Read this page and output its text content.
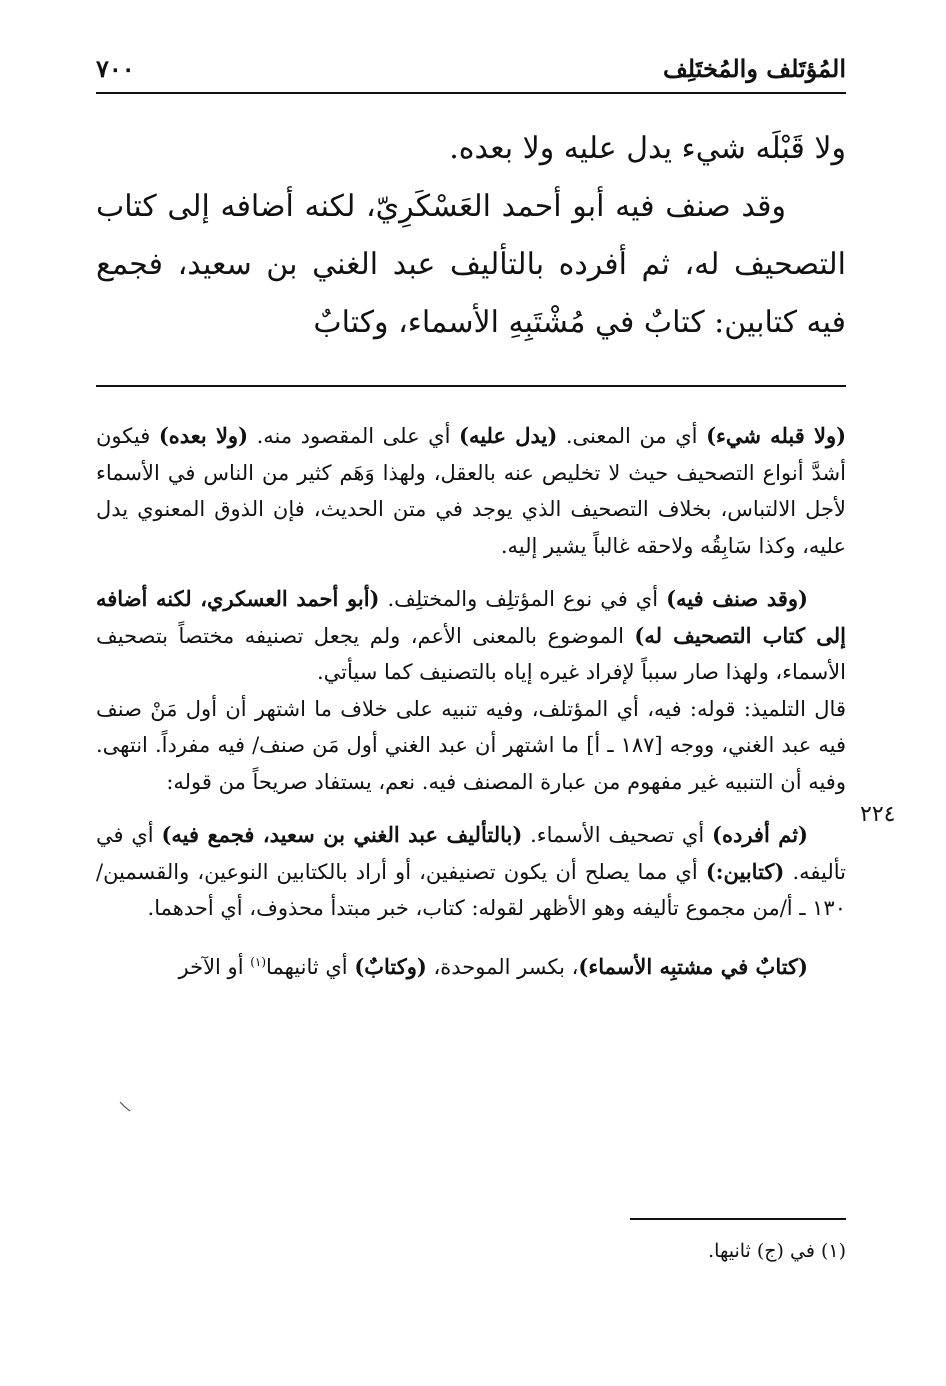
المُؤتَلف والمُختَلِف
٧٠٠

ولا قَبْلَه شيء يدل عليه ولا بعده.

وقد صنف فيه أبو أحمد العَسْكَرِيّ، لكنه أضافه إلى كتاب التصحيف له، ثم أفرده بالتأليف عبد الغني بن سعيد، فجمع فيه كتابين: كتابٌ في مُشْتَبِهِ الأسماء، وكتابٌ

(ولا قبله شيء) أي من المعنى. (يدل عليه) أي على المقصود منه. (ولا بعده) فيكون أشدَّ أنواع التصحيف حيث لا تخليص عنه بالعقل، ولهذا وَهَم كثير من الناس في الأسماء لأجل الالتباس، بخلاف التصحيف الذي يوجد في متن الحديث، فإن الذوق المعنوي يدل عليه، وكذا سَابِقُه ولاحقه غالباً يشير إليه.

(وقد صنف فيه) أي في نوع المؤتلِف والمختلِف. (أبو أحمد العسكري، لكنه أضافه إلى كتاب التصحيف له) الموضوع بالمعنى الأعم، ولم يجعل تصنيفه مختصاً بتصحيف الأسماء، ولهذا صار سبباً لإفراد غيره إياه بالتصنيف كما سيأتي.

قال التلميذ: قوله: فيه، أي المؤتلف، وفيه تنبيه على خلاف ما اشتهر أن أول مَنْ صنف فيه عبد الغني، ووجه [١٨٧ ـ أ] ما اشتهر أن عبد الغني أول مَن صنف/ فيه مفرداً. انتهى. وفيه أن التنبيه غير مفهوم من عبارة المصنف فيه. نعم، يستفاد صريحاً من قوله:

(ثم أفرده) أي تصحيف الأسماء. (بالتأليف عبد الغني بن سعيد، فجمع فيه) أي في تأليفه. (كتابين:) أي مما يصلح أن يكون تصنيفين، أو أراد بالكتابين النوعين، والقسمين/١٣٠ ـ أ/من مجموع تأليفه وهو الأظهر لقوله: كتاب، خبر مبتدأ محذوف، أي أحدهما.

(كتابٌ في مشتبِه الأسماء)، بكسر الموحدة، (وكتابٌ) أي ثانيهما$^{(١)}$ أو الآخر

٢٢٤
(١) في (ج) ثانيها.
